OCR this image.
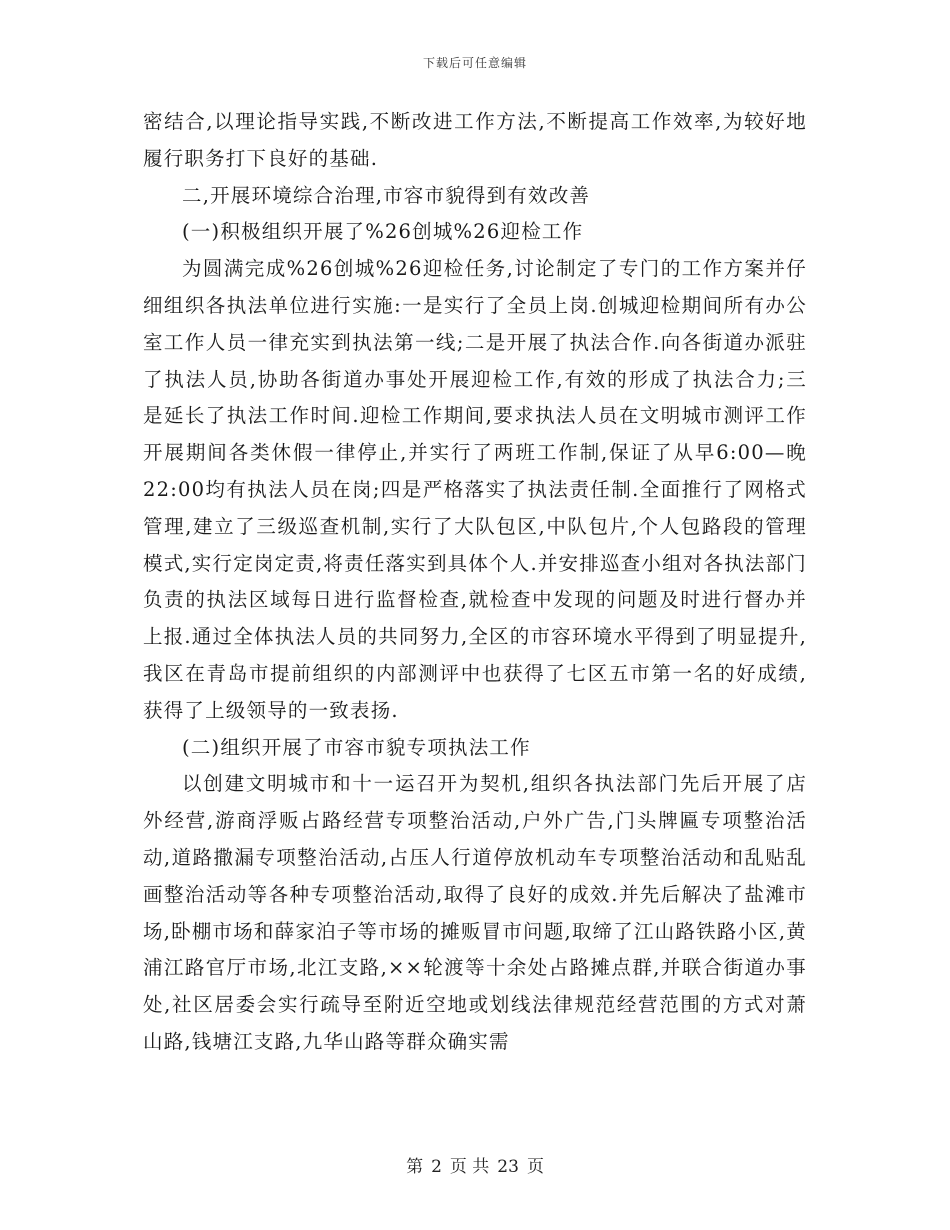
下载后可任意编辑

密结合,以理论指导实践,不断改进工作方法,不断提高工作效率,为较好地履行职务打下良好的基础.

二,开展环境综合治理,市容市貌得到有效改善

(一)积极组织开展了%26创城%26迎检工作

为圆满完成%26创城%26迎检任务,讨论制定了专门的工作方案并仔细组织各执法单位进行实施:一是实行了全员上岗.创城迎检期间所有办公室工作人员一律充实到执法第一线;二是开展了执法合作.向各街道办派驻了执法人员,协助各街道办事处开展迎检工作,有效的形成了执法合力;三是延长了执法工作时间.迎检工作期间,要求执法人员在文明城市测评工作开展期间各类休假一律停止,并实行了两班工作制,保证了从早6:00—晚22:00均有执法人员在岗;四是严格落实了执法责任制.全面推行了网格式管理,建立了三级巡查机制,实行了大队包区,中队包片,个人包路段的管理模式,实行定岗定责,将责任落实到具体个人.并安排巡查小组对各执法部门负责的执法区域每日进行监督检查,就检查中发现的问题及时进行督办并上报.通过全体执法人员的共同努力,全区的市容环境水平得到了明显提升,我区在青岛市提前组织的内部测评中也获得了七区五市第一名的好成绩,获得了上级领导的一致表扬.

(二)组织开展了市容市貌专项执法工作

以创建文明城市和十一运召开为契机,组织各执法部门先后开展了店外经营,游商浮贩占路经营专项整治活动,户外广告,门头牌匾专项整治活动,道路撒漏专项整治活动,占压人行道停放机动车专项整治活动和乱贴乱画整治活动等各种专项整治活动,取得了良好的成效.并先后解决了盐滩市场,卧棚市场和薛家泊子等市场的摊贩冒市问题,取缔了江山路铁路小区,黄浦江路官厅市场,北江支路,××轮渡等十余处占路摊点群,并联合街道办事处,社区居委会实行疏导至附近空地或划线法律规范经营范围的方式对萧山路,钱塘江支路,九华山路等群众确实需

第 2 页 共 23 页
